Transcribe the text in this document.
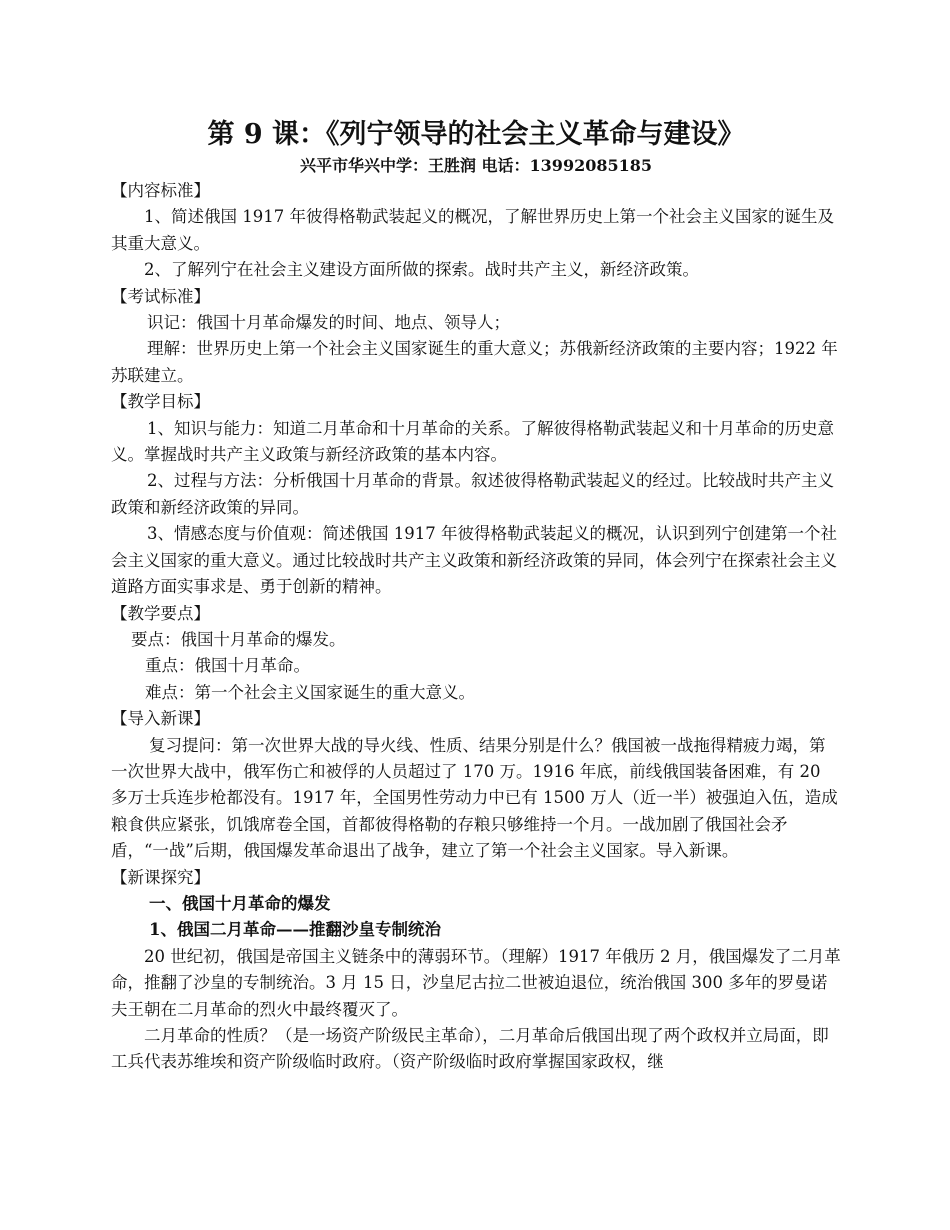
第 9 课：《列宁领导的社会主义革命与建设》
兴平市华兴中学：王胜润 电话：13992085185

【内容标准】

1、简述俄国 1917 年彼得格勒武装起义的概况，了解世界历史上第一个社会主义国家的诞生及其重大意义。

2、了解列宁在社会主义建设方面所做的探索。战时共产主义，新经济政策。

【考试标准】

识记：俄国十月革命爆发的时间、地点、领导人；

理解：世界历史上第一个社会主义国家诞生的重大意义；苏俄新经济政策的主要内容；1922 年苏联建立。

【教学目标】

1、知识与能力：知道二月革命和十月革命的关系。了解彼得格勒武装起义和十月革命的历史意义。掌握战时共产主义政策与新经济政策的基本内容。

2、过程与方法：分析俄国十月革命的背景。叙述彼得格勒武装起义的经过。比较战时共产主义政策和新经济政策的异同。

3、情感态度与价值观：简述俄国 1917 年彼得格勒武装起义的概况，认识到列宁创建第一个社会主义国家的重大意义。通过比较战时共产主义政策和新经济政策的异同，体会列宁在探索社会主义道路方面实事求是、勇于创新的精神。

【教学要点】

要点：俄国十月革命的爆发。

重点：俄国十月革命。

难点：第一个社会主义国家诞生的重大意义。

【导入新课】

复习提问：第一次世界大战的导火线、性质、结果分别是什么？俄国被一战拖得精疲力竭，第一次世界大战中，俄军伤亡和被俘的人员超过了 170 万。1916 年底，前线俄国装备困难，有 20 多万士兵连步枪都没有。1917 年，全国男性劳动力中已有 1500 万人（近一半）被强迫入伍，造成粮食供应紧张，饥饿席卷全国，首都彼得格勒的存粮只够维持一个月。一战加剧了俄国社会矛盾，“一战”后期，俄国爆发革命退出了战争，建立了第一个社会主义国家。导入新课。

【新课探究】

一、俄国十月革命的爆发

1、俄国二月革命——推翻沙皇专制统治

20 世纪初，俄国是帝国主义链条中的薄弱环节。（理解）1917 年俄历 2 月，俄国爆发了二月革命，推翻了沙皇的专制统治。3 月 15 日，沙皇尼古拉二世被迫退位，统治俄国 300 多年的罗曼诺夫王朝在二月革命的烈火中最终覆灭了。

二月革命的性质？（是一场资产阶级民主革命），二月革命后俄国出现了两个政权并立局面，即工兵代表苏维埃和资产阶级临时政府。（资产阶级临时政府掌握国家政权，继
